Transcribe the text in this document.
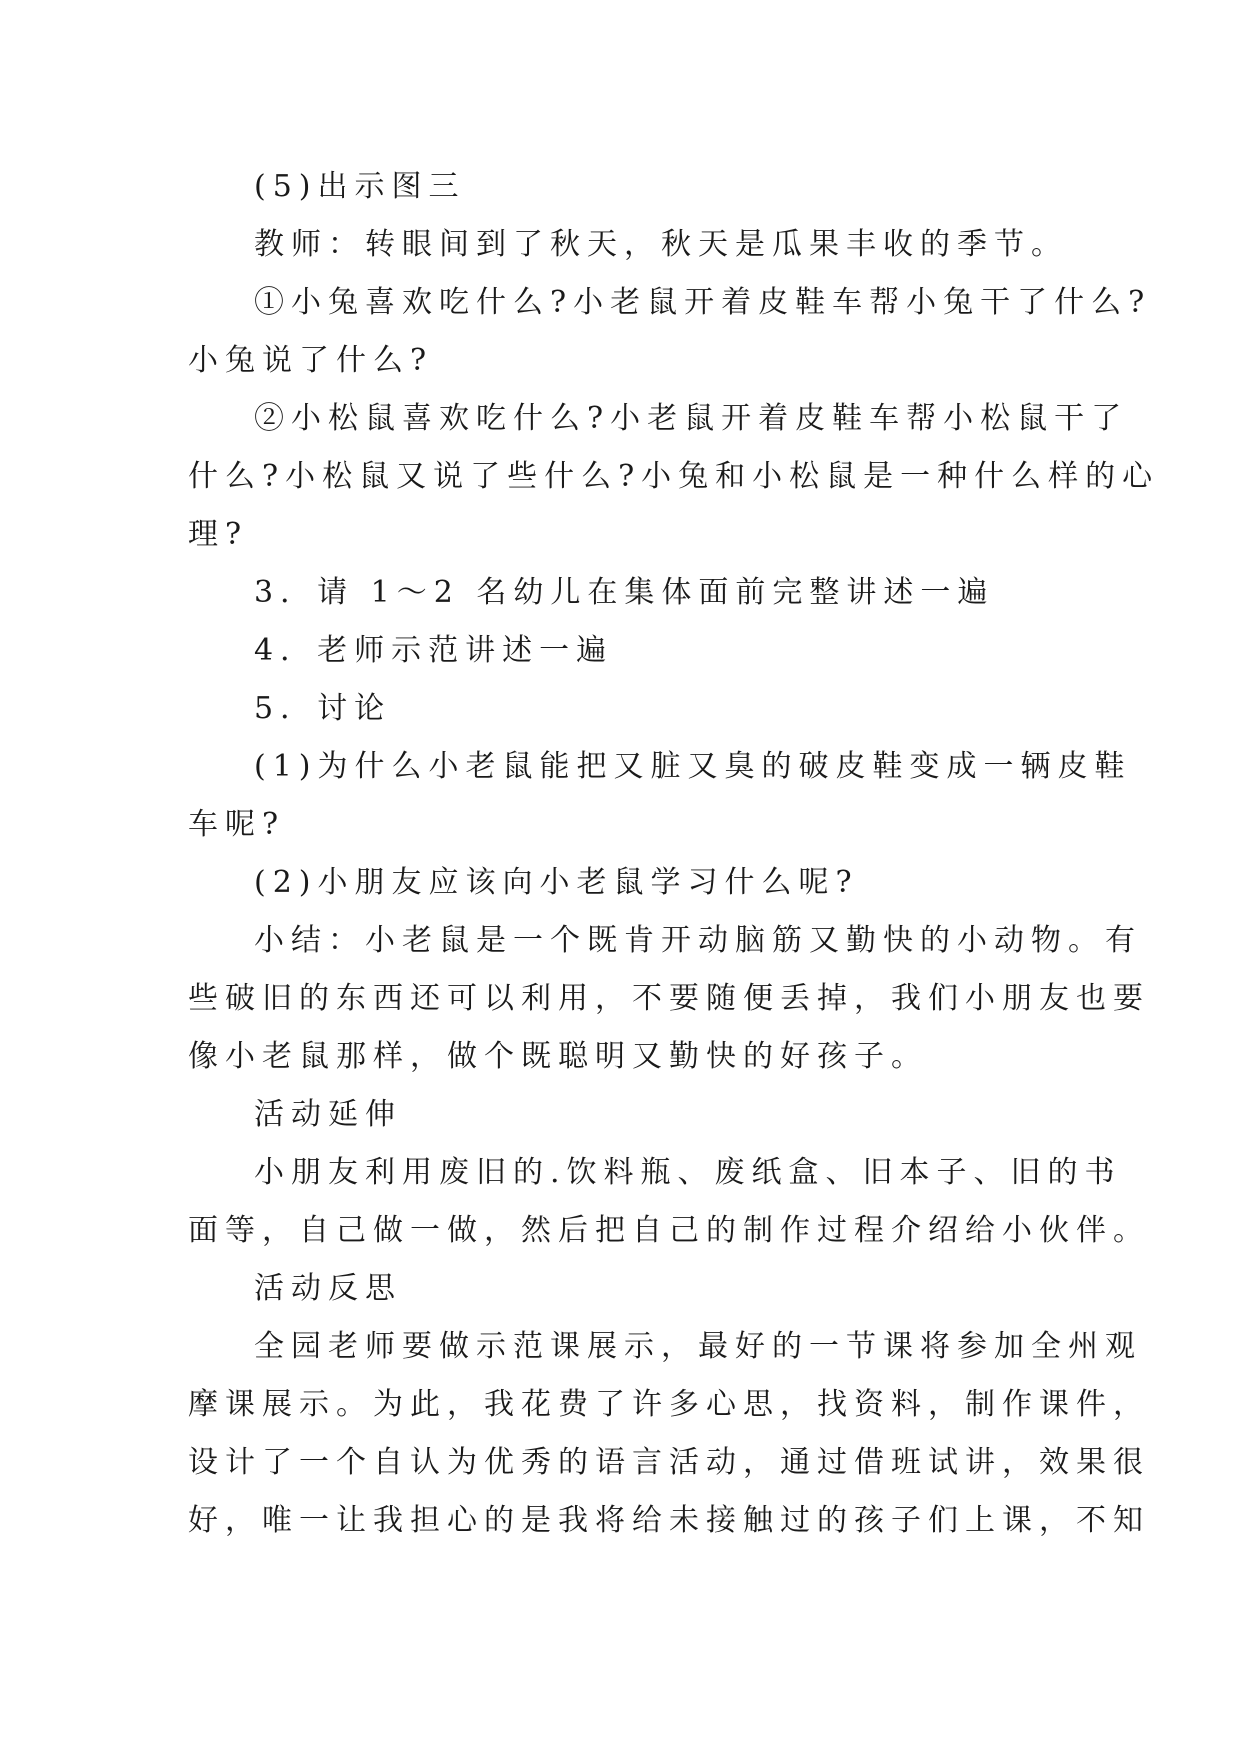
(5)出示图三

教师：转眼间到了秋天，秋天是瓜果丰收的季节。

①小兔喜欢吃什么?小老鼠开着皮鞋车帮小兔干了什么?

小兔说了什么?

②小松鼠喜欢吃什么?小老鼠开着皮鞋车帮小松鼠干了

什么?小松鼠又说了些什么?小兔和小松鼠是一种什么样的心

理?

3．请 1～2 名幼儿在集体面前完整讲述一遍

4．老师示范讲述一遍

5．讨论

(1)为什么小老鼠能把又脏又臭的破皮鞋变成一辆皮鞋

车呢?

(2)小朋友应该向小老鼠学习什么呢?

小结：小老鼠是一个既肯开动脑筋又勤快的小动物。有

些破旧的东西还可以利用，不要随便丢掉，我们小朋友也要

像小老鼠那样，做个既聪明又勤快的好孩子。

活动延伸

小朋友利用废旧的.饮料瓶、废纸盒、旧本子、旧的书

面等，自己做一做，然后把自己的制作过程介绍给小伙伴。

活动反思

全园老师要做示范课展示，最好的一节课将参加全州观

摩课展示。为此，我花费了许多心思，找资料，制作课件，

设计了一个自认为优秀的语言活动，通过借班试讲，效果很

好，唯一让我担心的是我将给未接触过的孩子们上课，不知
